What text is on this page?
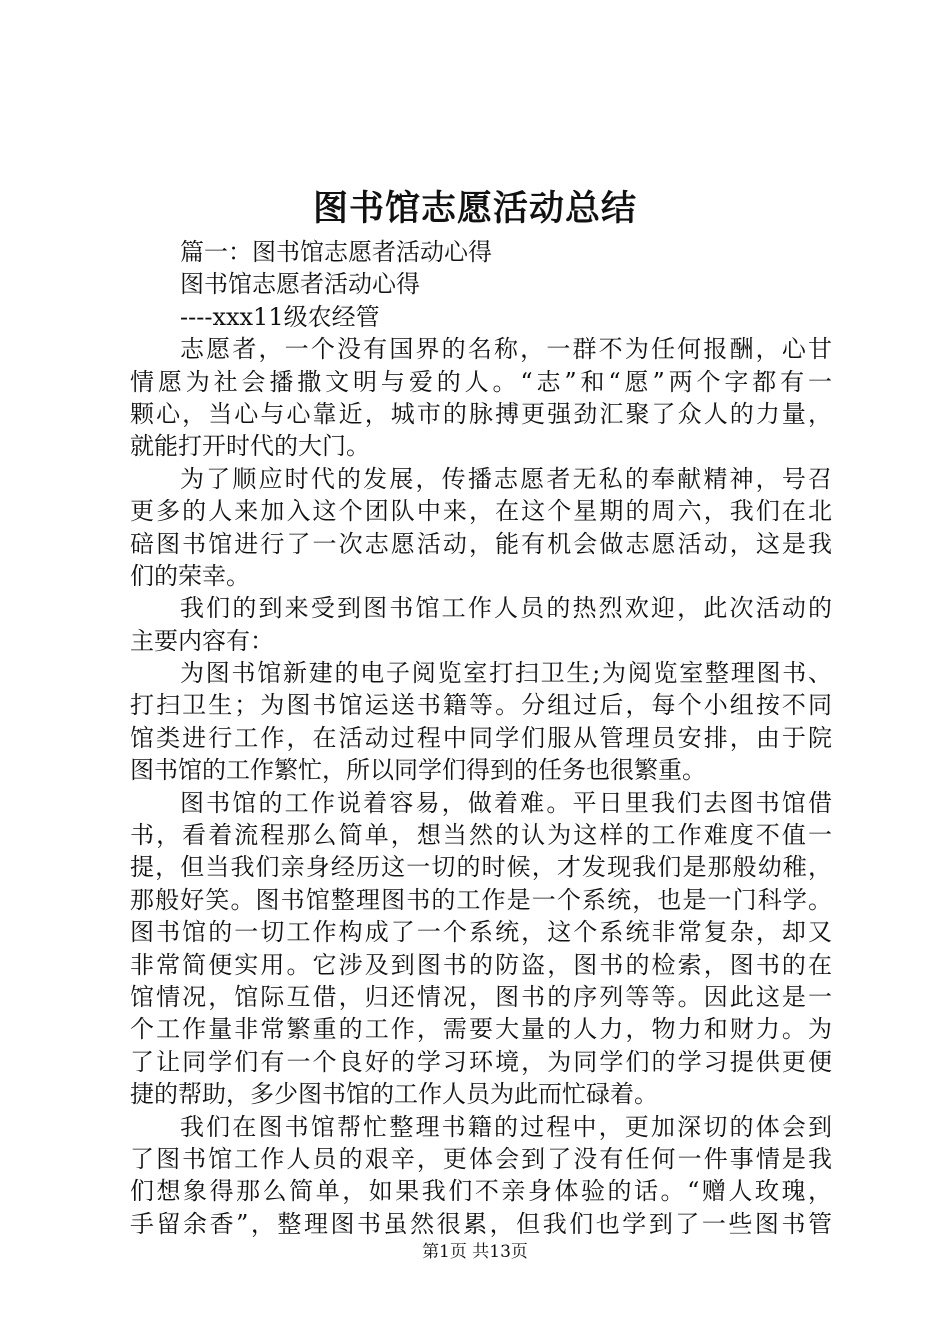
图书馆志愿活动总结
篇一：图书馆志愿者活动心得
图书馆志愿者活动心得
----xxx11级农经管
志愿者，一个没有国界的名称，一群不为任何报酬，心甘
情愿为社会播撒文明与爱的人。“志”和“愿”两个字都有一
颗心，当心与心靠近，城市的脉搏更强劲汇聚了众人的力量，
就能打开时代的大门。
为了顺应时代的发展，传播志愿者无私的奉献精神，号召
更多的人来加入这个团队中来，在这个星期的周六，我们在北
碚图书馆进行了一次志愿活动，能有机会做志愿活动，这是我
们的荣幸。
我们的到来受到图书馆工作人员的热烈欢迎，此次活动的
主要内容有：
为图书馆新建的电子阅览室打扫卫生;为阅览室整理图书、
打扫卫生；为图书馆运送书籍等。分组过后，每个小组按不同
馆类进行工作，在活动过程中同学们服从管理员安排，由于院
图书馆的工作繁忙，所以同学们得到的任务也很繁重。
图书馆的工作说着容易，做着难。平日里我们去图书馆借
书，看着流程那么简单，想当然的认为这样的工作难度不值一
提，但当我们亲身经历这一切的时候，才发现我们是那般幼稚，
那般好笑。图书馆整理图书的工作是一个系统，也是一门科学。
图书馆的一切工作构成了一个系统，这个系统非常复杂，却又
非常简便实用。它涉及到图书的防盗，图书的检索，图书的在
馆情况，馆际互借，归还情况，图书的序列等等。因此这是一
个工作量非常繁重的工作，需要大量的人力，物力和财力。为
了让同学们有一个良好的学习环境，为同学们的学习提供更便
捷的帮助，多少图书馆的工作人员为此而忙碌着。
我们在图书馆帮忙整理书籍的过程中，更加深切的体会到
了图书馆工作人员的艰辛，更体会到了没有任何一件事情是我
们想象得那么简单，如果我们不亲身体验的话。“赠人玫瑰，
手留余香”，整理图书虽然很累，但我们也学到了一些图书管
第1页 共13页
